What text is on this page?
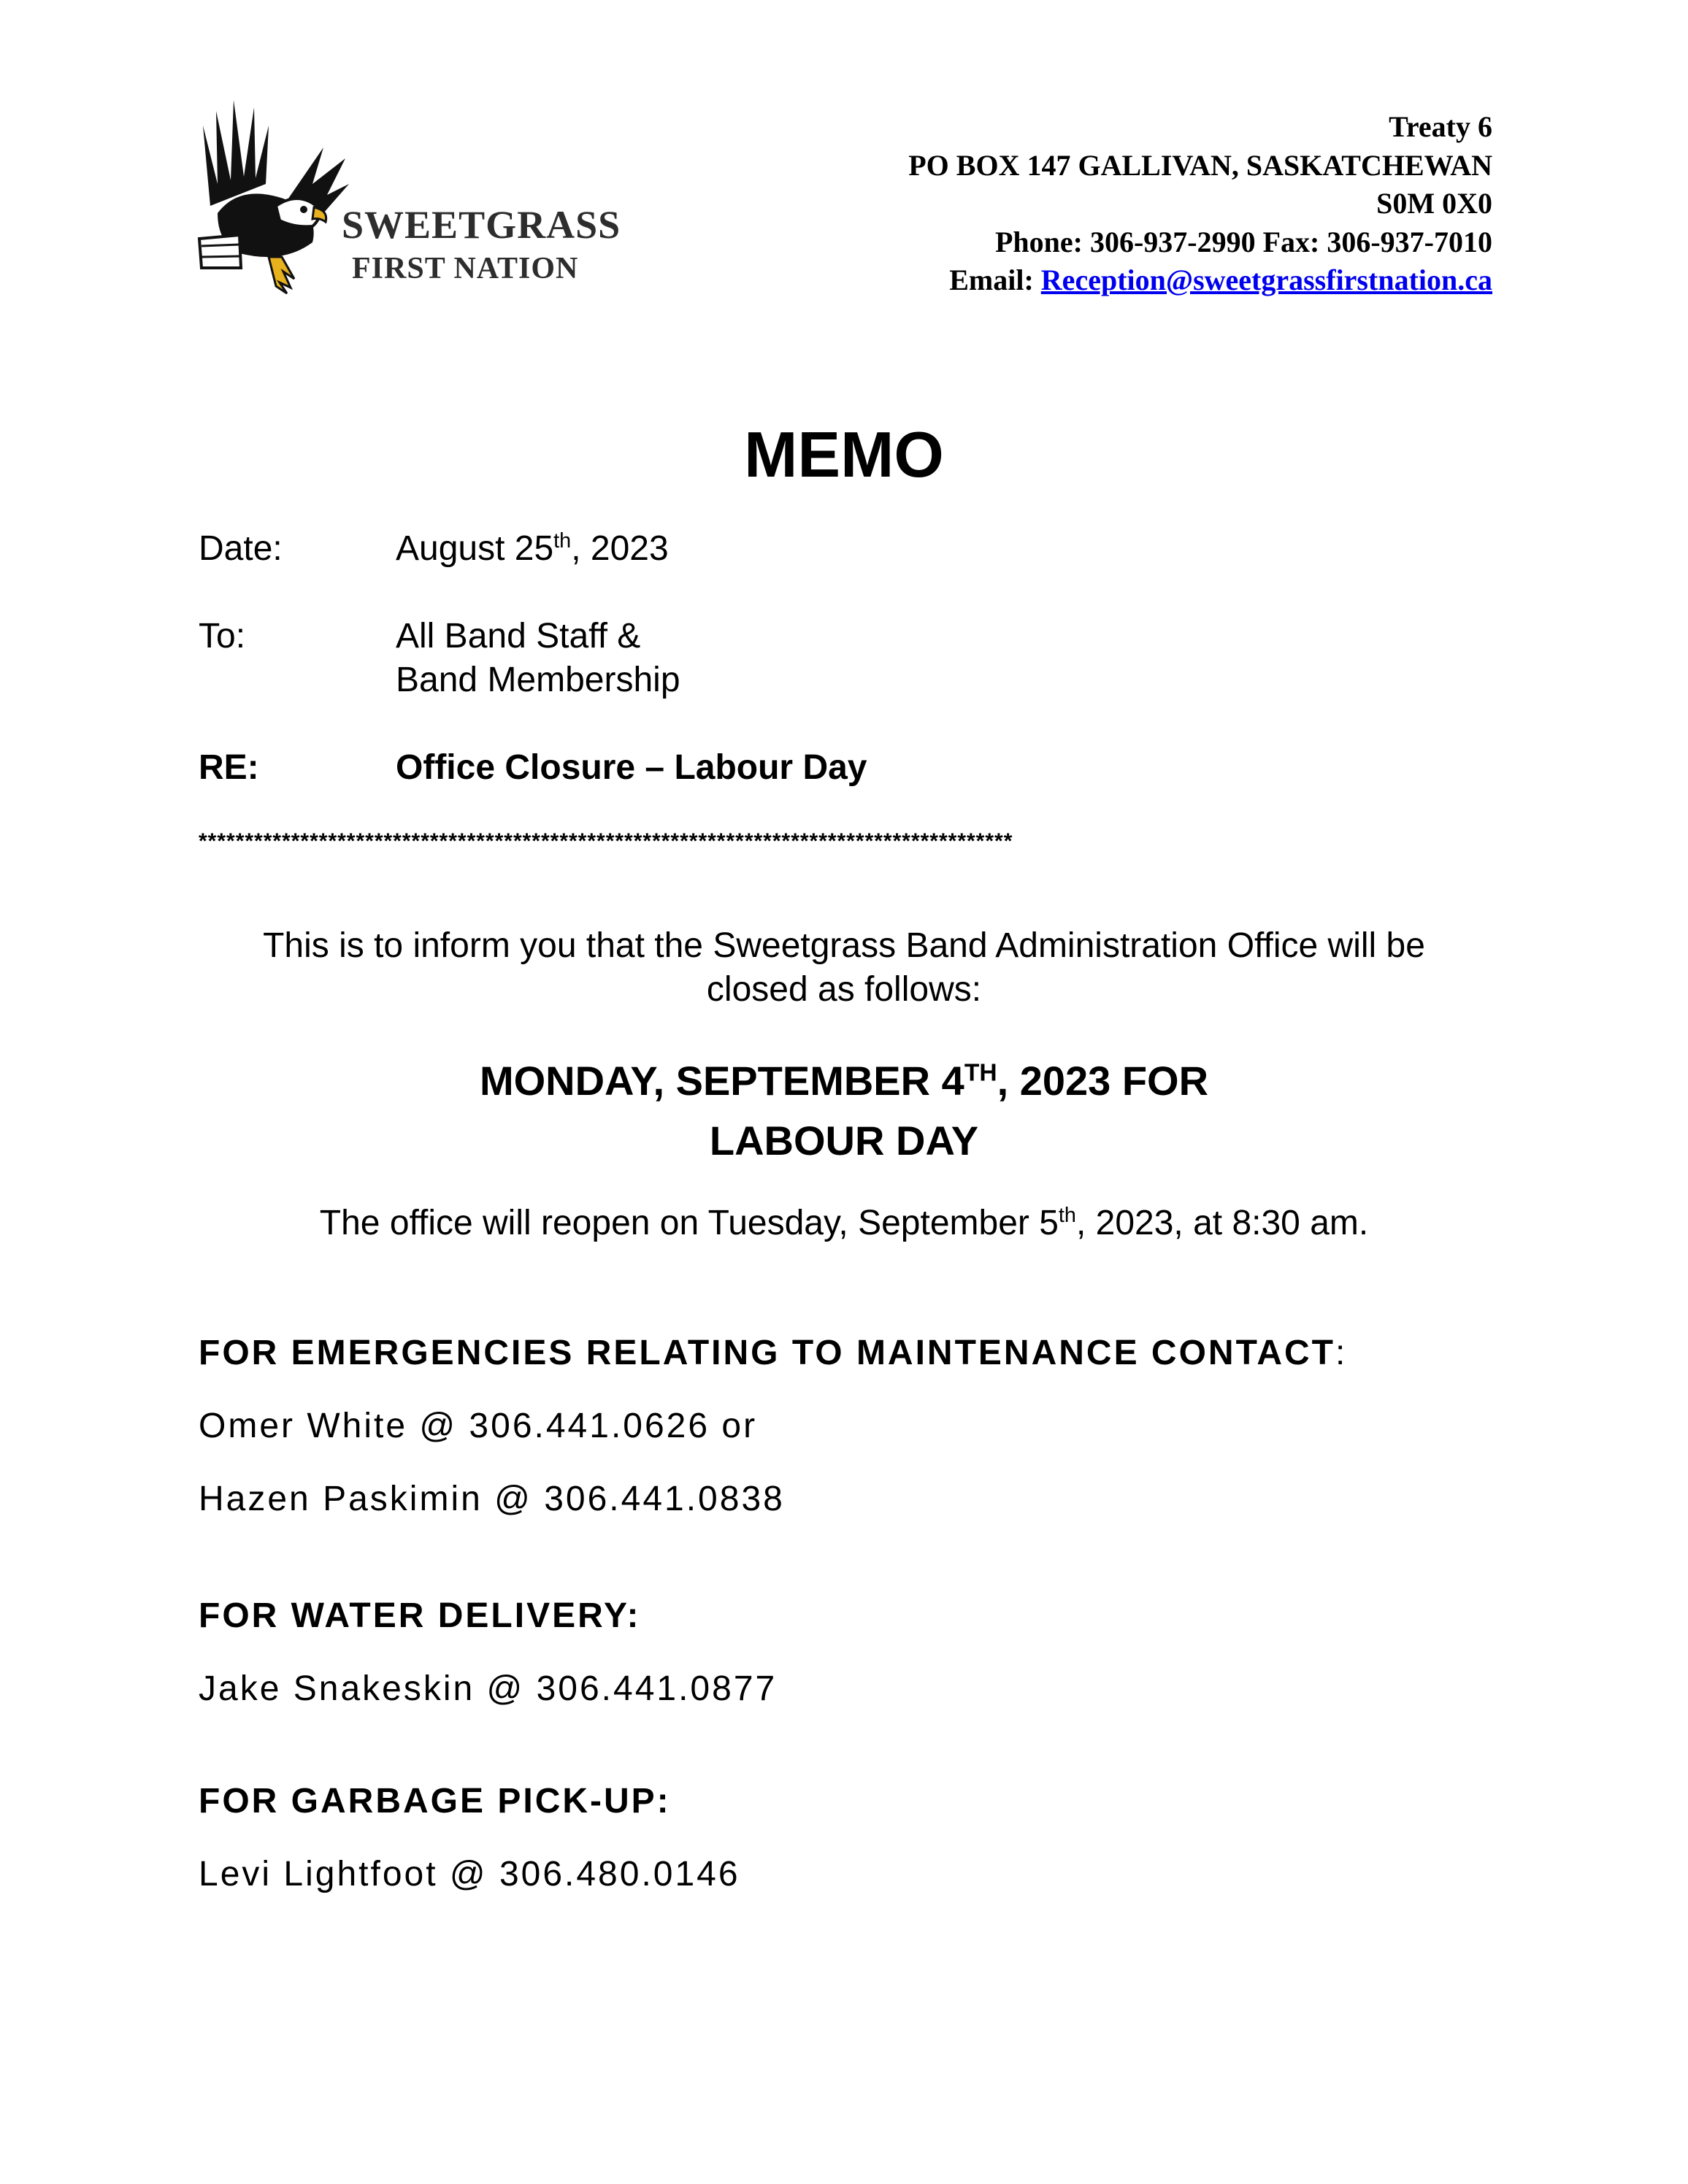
SWEETGRASS
FIRST NATION
Treaty 6
PO BOX 147 GALLIVAN, SASKATCHEWAN
S0M 0X0
Phone: 306-937-2990 Fax: 306-937-7010
Email: Reception@sweetgrassfirstnation.ca
MEMO
Date:	August 25th, 2023
To:	All Band Staff &
Band Membership
RE:	Office Closure – Labour Day
****************************************************************************************
This is to inform you that the Sweetgrass Band Administration Office will be
closed as follows:
MONDAY, SEPTEMBER 4TH, 2023 FOR
LABOUR DAY
The office will reopen on Tuesday, September 5th, 2023, at 8:30 am.
FOR EMERGENCIES RELATING TO MAINTENANCE CONTACT:
Omer White @ 306.441.0626 or
Hazen Paskimin @ 306.441.0838
FOR WATER DELIVERY:
Jake Snakeskin @ 306.441.0877
FOR GARBAGE PICK-UP:
Levi Lightfoot @ 306.480.0146
